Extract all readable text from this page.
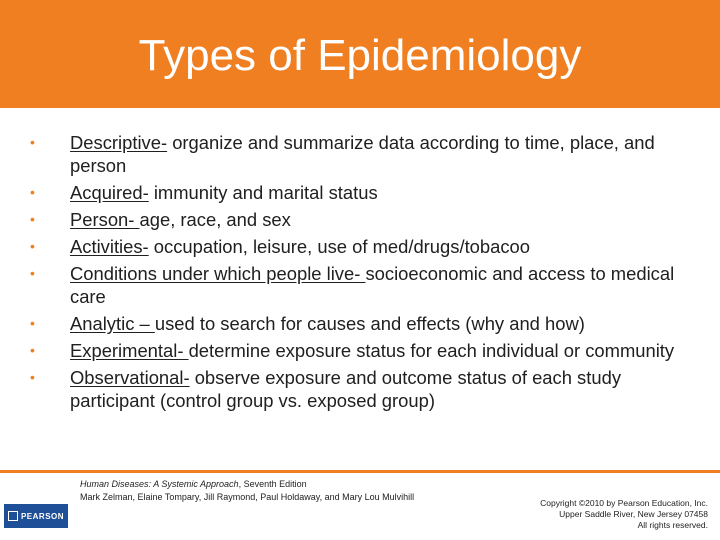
Types of Epidemiology
•	Descriptive- organize and summarize data according to time, place, and person
•	Acquired- immunity and marital status
•	Person- age, race, and sex
•	Activities- occupation, leisure, use of med/drugs/tobacoo
•	Conditions under which people live- socioeconomic and access to medical care
•	Analytic – used to search for causes and effects (why and how)
•	Experimental- determine exposure status for each individual or community
•	Observational- observe exposure and outcome status of each study participant (control group vs. exposed group)
PEARSON
Human Diseases: A Systemic Approach, Seventh Edition
Mark Zelman, Elaine Tompary, Jill Raymond, Paul Holdaway, and Mary Lou Mulvihill
Copyright ©2010 by Pearson Education, Inc.
Upper Saddle River, New Jersey 07458
All rights reserved.
